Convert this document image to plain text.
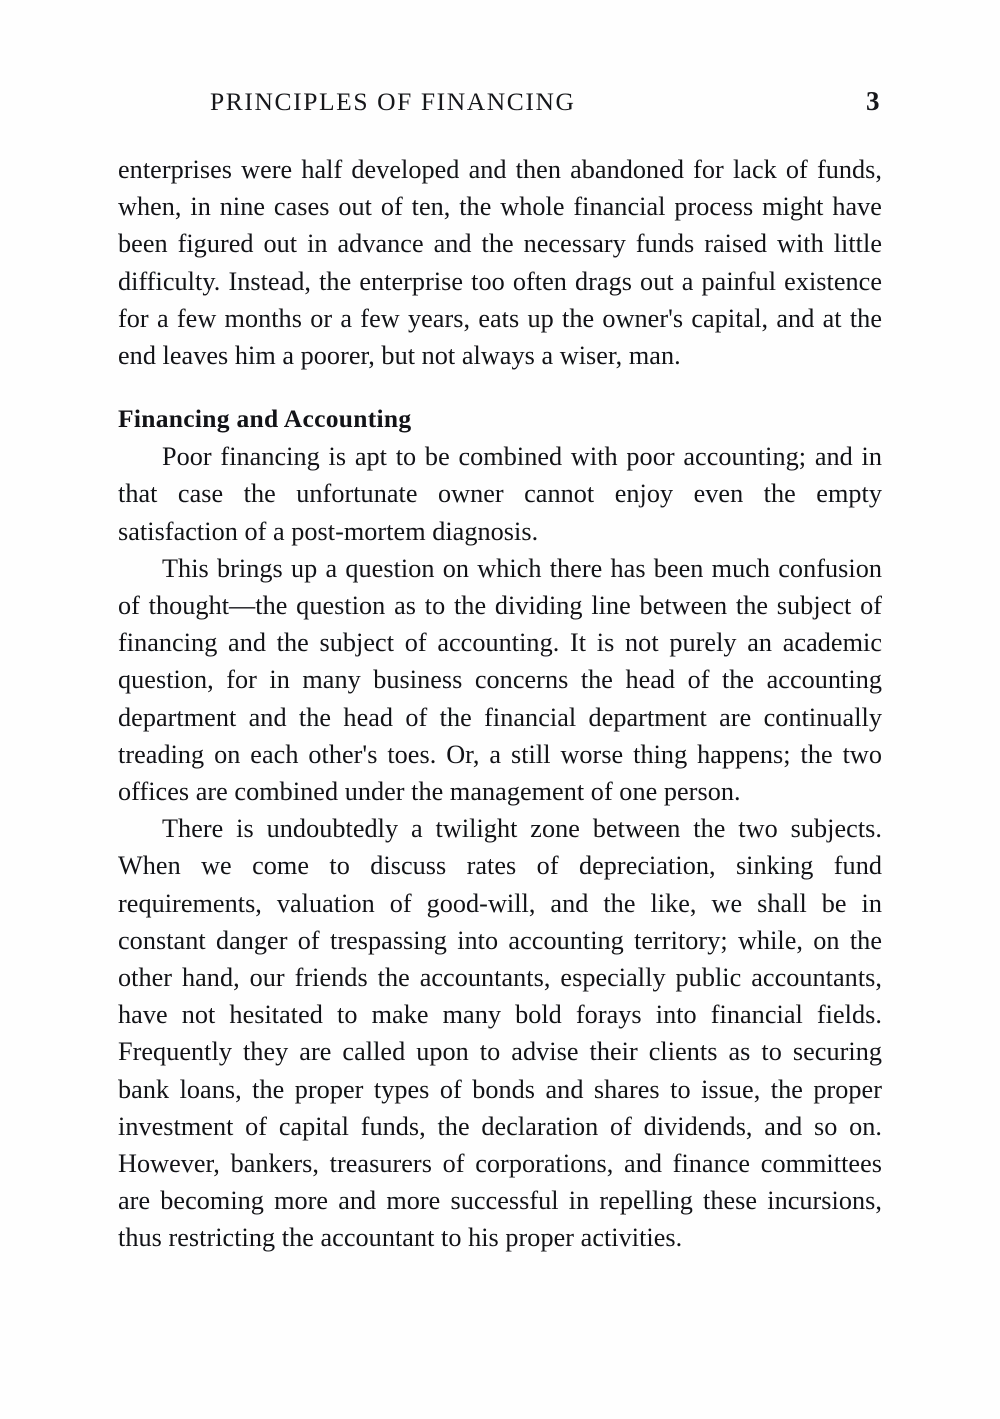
PRINCIPLES OF FINANCING	3

enterprises were half developed and then abandoned for lack of funds, when, in nine cases out of ten, the whole financial process might have been figured out in advance and the necessary funds raised with little difficulty. Instead, the enterprise too often drags out a painful existence for a few months or a few years, eats up the owner's capital, and at the end leaves him a poorer, but not always a wiser, man.

Financing and Accounting

Poor financing is apt to be combined with poor accounting; and in that case the unfortunate owner cannot enjoy even the empty satisfaction of a post-mortem diagnosis.

This brings up a question on which there has been much confusion of thought—the question as to the dividing line between the subject of financing and the subject of accounting. It is not purely an academic question, for in many business concerns the head of the accounting department and the head of the financial department are continually treading on each other's toes. Or, a still worse thing happens; the two offices are combined under the management of one person.

There is undoubtedly a twilight zone between the two subjects. When we come to discuss rates of depreciation, sinking fund requirements, valuation of good-will, and the like, we shall be in constant danger of trespassing into accounting territory; while, on the other hand, our friends the accountants, especially public accountants, have not hesitated to make many bold forays into financial fields. Frequently they are called upon to advise their clients as to securing bank loans, the proper types of bonds and shares to issue, the proper investment of capital funds, the declaration of dividends, and so on. However, bankers, treasurers of corporations, and finance committees are becoming more and more successful in repelling these incursions, thus restricting the accountant to his proper activities.
